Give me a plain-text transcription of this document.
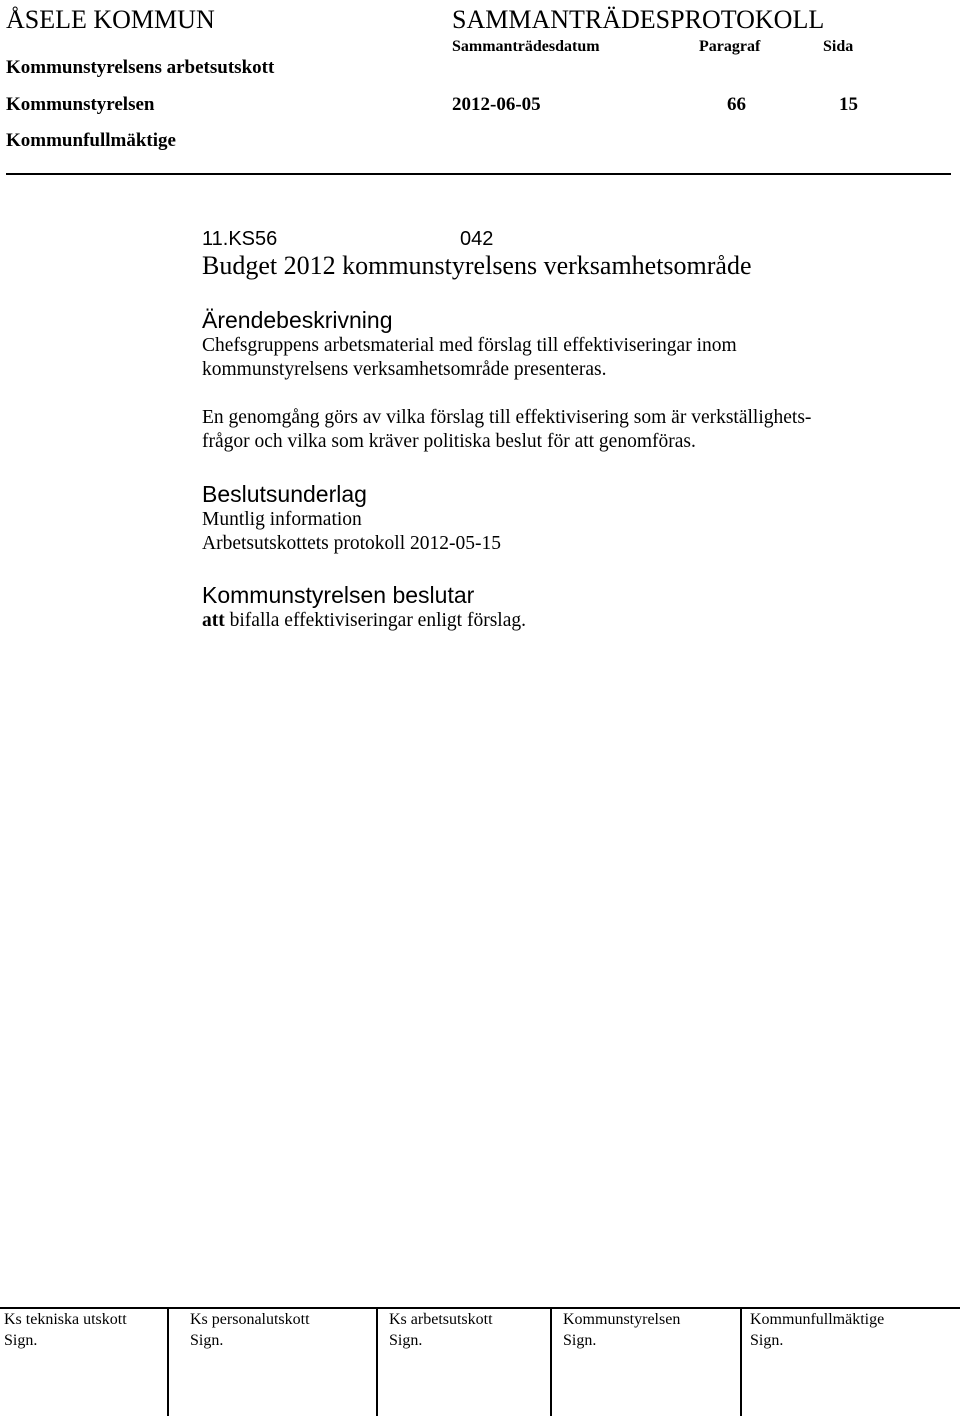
ÅSELE KOMMUN	SAMMANTRÄDESPROTOKOLL
Sammanträdesdatum	Paragraf	Sida
Kommunstyrelsens arbetsutskott
Kommunstyrelsen	2012-06-05	66	15
Kommunfullmäktige
11.KS56	042
Budget 2012 kommunstyrelsens verksamhetsområde
Ärendebeskrivning
Chefsgruppens arbetsmaterial med förslag till effektiviseringar inom
kommunstyrelsens verksamhetsområde presenteras.
En genomgång görs av vilka förslag till effektivisering som är verkställighets-
frågor och vilka som kräver politiska beslut för att genomföras.
Beslutsunderlag
Muntlig information
Arbetsutskottets protokoll 2012-05-15
Kommunstyrelsen beslutar
att bifalla effektiviseringar enligt förslag.
Ks tekniska utskott
Sign.
Ks personalutskott
Sign.
Ks arbetsutskott
Sign.
Kommunstyrelsen
Sign.
Kommunfullmäktige
Sign.
